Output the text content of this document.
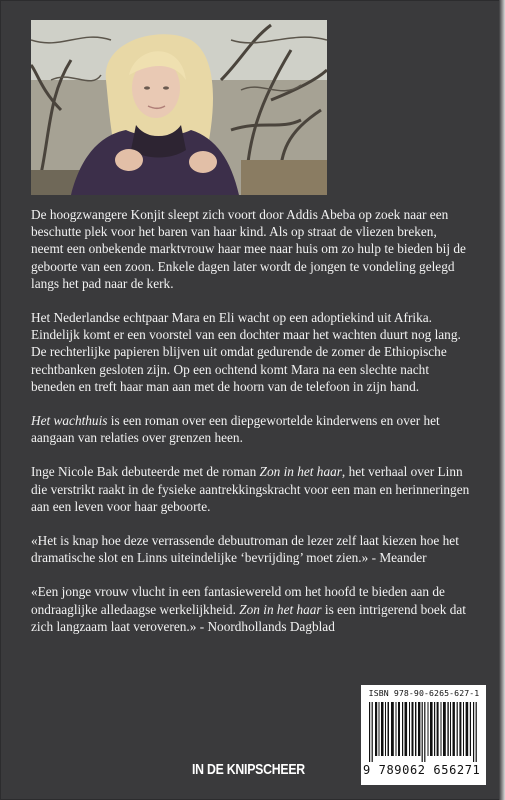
De hoogzwangere Konjit sleept zich voort door Addis Abeba op zoek naar een beschutte plek voor het baren van haar kind. Als op straat de vliezen breken, neemt een onbekende marktvrouw haar mee naar huis om zo hulp te bieden bij de geboorte van een zoon. Enkele dagen later wordt de jongen te vondeling gelegd langs het pad naar de kerk.

Het Nederlandse echtpaar Mara en Eli wacht op een adoptiekind uit Afrika. Eindelijk komt er een voorstel van een dochter maar het wachten duurt nog lang. De rechterlijke papieren blijven uit omdat gedurende de zomer de Ethiopische rechtbanken gesloten zijn. Op een ochtend komt Mara na een slechte nacht beneden en treft haar man aan met de hoorn van de telefoon in zijn hand.

Het wachthuis is een roman over een diepgewortelde kinderwens en over het aangaan van relaties over grenzen heen.

Inge Nicole Bak debuteerde met de roman Zon in het haar, het verhaal over Linn die verstrikt raakt in de fysieke aantrekkingskracht voor een man en herinneringen aan een leven voor haar geboorte.

«Het is knap hoe deze verrassende debuutroman de lezer zelf laat kiezen hoe het dramatische slot en Linns uiteindelijke ‘bevrijding’ moet zien.» - Meander

«Een jonge vrouw vlucht in een fantasiewereld om het hoofd te bieden aan de ondraaglijke alledaagse werkelijkheid. Zon in het haar is een intrigerend boek dat zich langzaam laat veroveren.» - Noordhollands Dagblad

IN DE KNIPSCHEER
ISBN 978-90-6265-627-1
9 789062 656271
